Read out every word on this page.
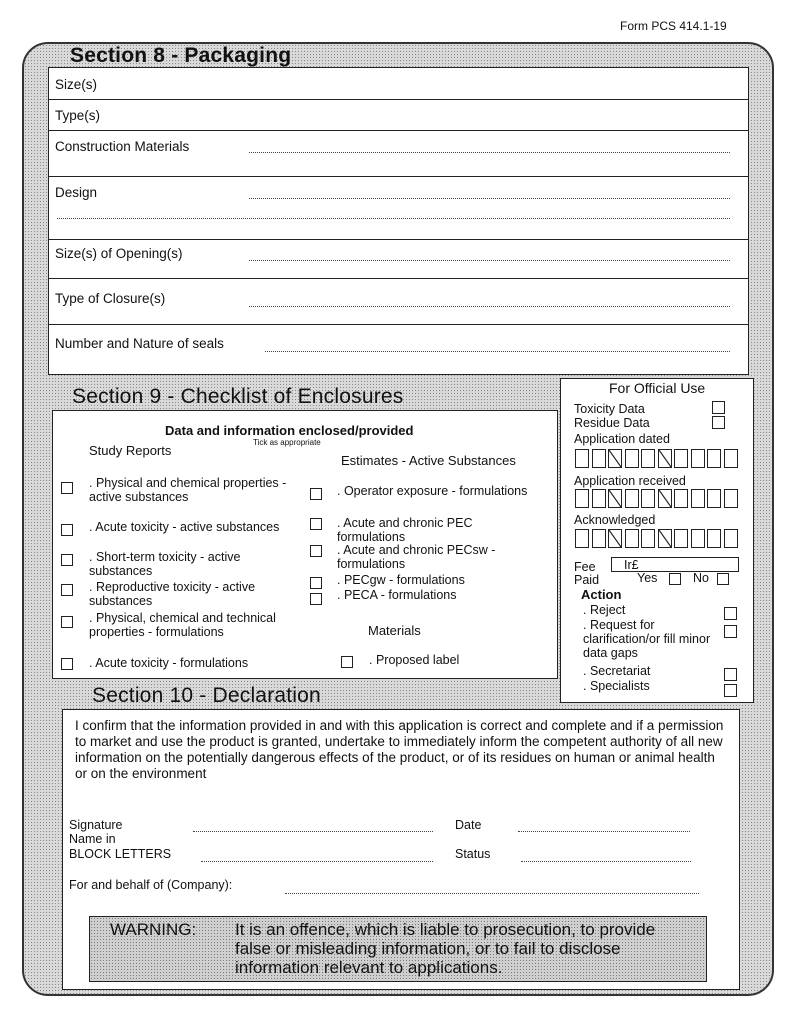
Form PCS 414.1-19
Section 8 - Packaging
Size(s)
Type(s)
Construction Materials
Design
Size(s) of Opening(s)
Type of Closure(s)
Number and Nature of seals
Section 9 - Checklist of Enclosures
Data and information enclosed/provided
Tick as appropriate
Study Reports
Estimates - Active Substances
. Physical and chemical properties - active substances
. Acute toxicity - active substances
. Short-term toxicity - active substances
. Reproductive toxicity - active substances
. Physical, chemical and technical properties - formulations
. Acute toxicity - formulations
. Operator exposure - formulations
. Acute and chronic PEC formulations
. Acute and chronic PECsw - formulations
. PECgw - formulations
. PECA - formulations
Materials
. Proposed label
For Official Use
Toxicity Data
Residue Data
Application dated
Application received
Acknowledged
Fee	Ir£
Paid	Yes	No
Action
. Reject
. Request for clarification/or fill minor data gaps
. Secretariat
. Specialists
Section 10 - Declaration
I confirm that the information provided in and with this application is correct and complete and if a permission to market and use the product is granted, undertake to immediately inform the competent authority of all new information on the potentially dangerous effects of the product, or of its residues on human or animal health or on the environment
Signature
Name in
BLOCK LETTERS
Date
Status
For and behalf of (Company):
WARNING: It is an offence, which is liable to prosecution, to provide false or misleading information, or to fail to disclose information relevant to applications.
